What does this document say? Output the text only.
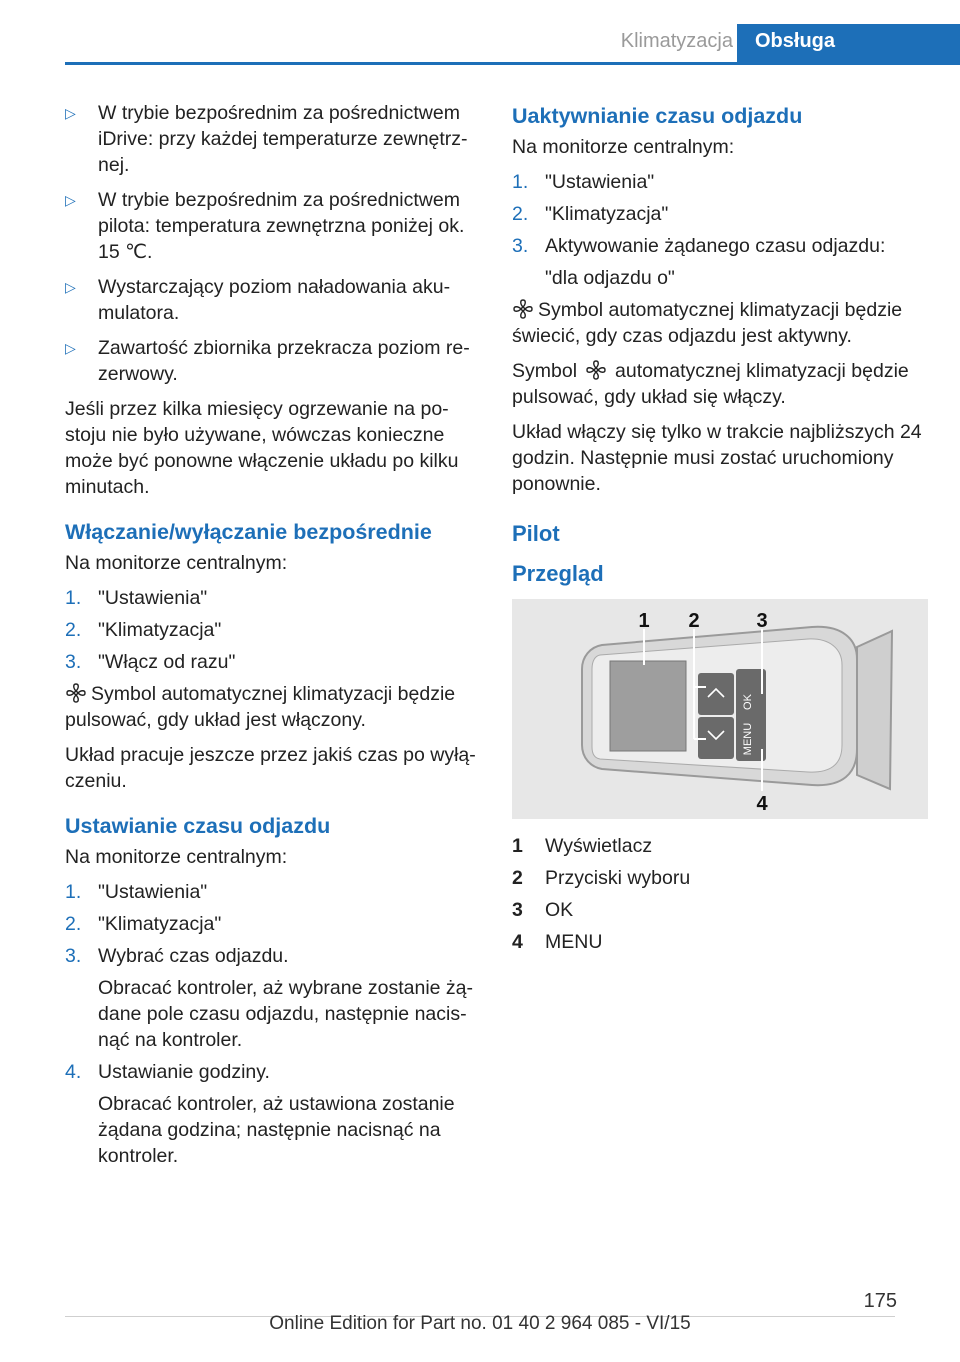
Klimatyzacja	Obsługa
▷ W trybie bezpośrednim za pośrednictwem iDrive: przy każdej temperaturze zewnętrznej.
▷ W trybie bezpośrednim za pośrednictwem pilota: temperatura zewnętrzna poniżej ok. 15 ℃.
▷ Wystarczający poziom naładowania akumulatora.
▷ Zawartość zbiornika przekracza poziom rezerwowy.

Jeśli przez kilka miesięcy ogrzewanie na postoju nie było używane, wówczas konieczne może być ponowne włączenie układu po kilku minutach.

Włączanie/wyłączanie bezpośrednie

Na monitorze centralnym:

1. "Ustawienia"
2. "Klimatyzacja"
3. "Włącz od razu"

Symbol automatycznej klimatyzacji będzie pulsować, gdy układ jest włączony.

Układ pracuje jeszcze przez jakiś czas po wyłączeniu.

Ustawianie czasu odjazdu

Na monitorze centralnym:

1. "Ustawienia"
2. "Klimatyzacja"
3. Wybrać czas odjazdu.
Obracać kontroler, aż wybrane zostanie żądane pole czasu odjazdu, następnie nacisnąć na kontroler.
4. Ustawianie godziny.
Obracać kontroler, aż ustawiona zostanie żądana godzina; następnie nacisnąć na kontroler.
Uaktywnianie czasu odjazdu

Na monitorze centralnym:

1. "Ustawienia"
2. "Klimatyzacja"
3. Aktywowanie żądanego czasu odjazdu:
"dla odjazdu o"

Symbol automatycznej klimatyzacji będzie świecić, gdy czas odjazdu jest aktywny.

Symbol automatycznej klimatyzacji będzie pulsować, gdy układ się włączy.

Układ włączy się tylko w trakcie najbliższych 24 godzin. Następnie musi zostać uruchomiony ponownie.

Pilot
Przegląd
OK
MENU
1 2	3
4
1 Wyświetlacz
2 Przyciski wyboru
3 OK
4 MENU
175
Online Edition for Part no. 01 40 2 964 085 - VI/15
